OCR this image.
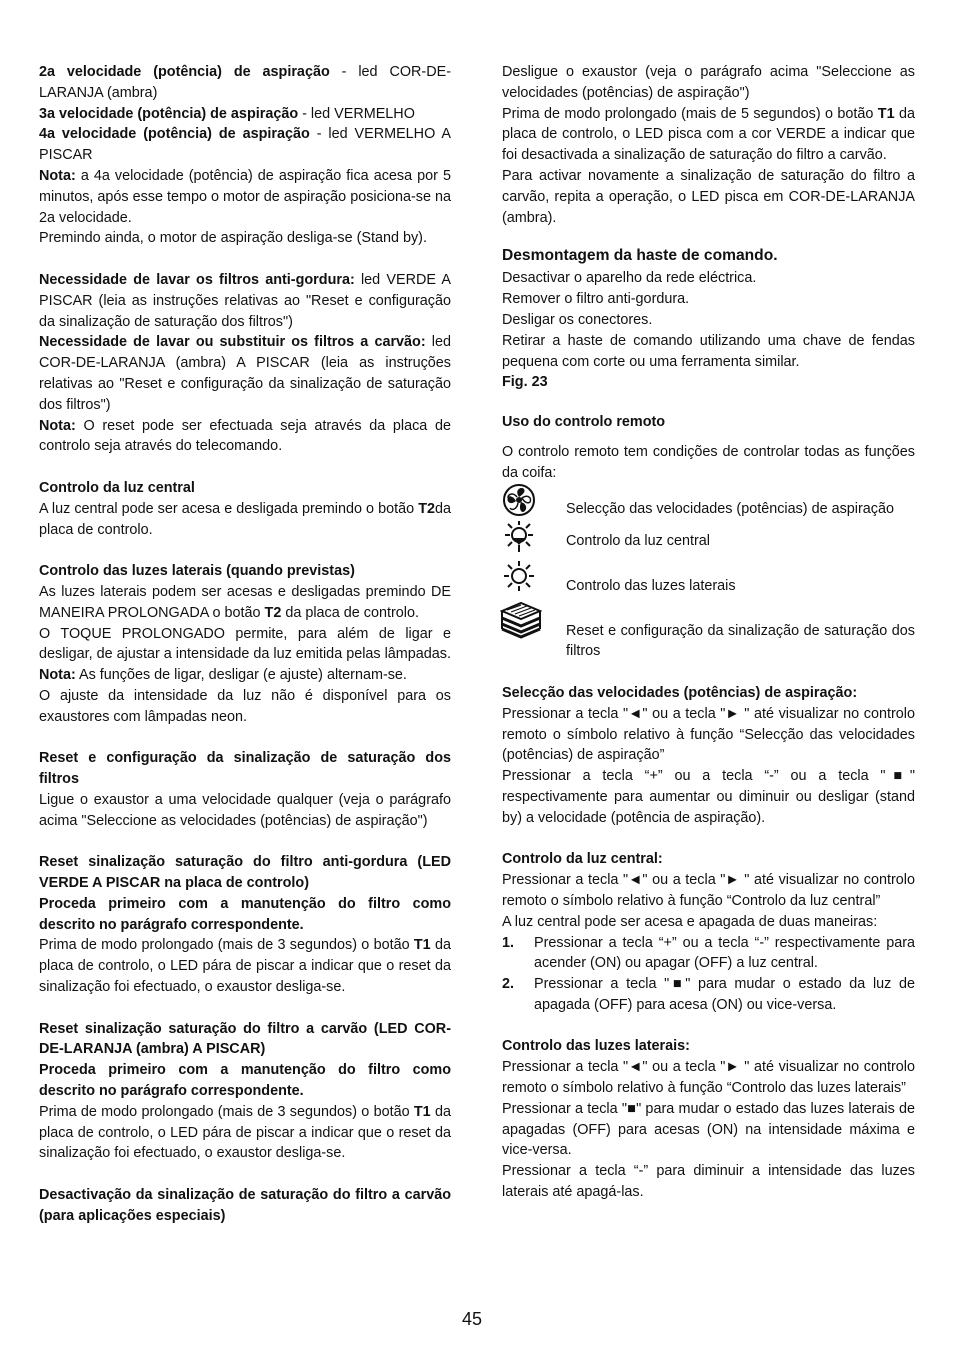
2a velocidade (potência) de aspiração - led COR-DE-LARANJA (ambra)

3a velocidade (potência) de aspiração - led VERMELHO

4a velocidade (potência) de aspiração - led VERMELHO A PISCAR

Nota: a 4a velocidade (potência) de aspiração fica acesa por 5 minutos, após esse tempo o motor de aspiração posiciona-se na 2a velocidade.

Premindo ainda, o motor de aspiração desliga-se (Stand by).

Necessidade de lavar os filtros anti-gordura: led VERDE A PISCAR (leia as instruções relativas ao "Reset e configuração da sinalização de saturação dos filtros")

Necessidade de lavar ou substituir os filtros a carvão: led COR-DE-LARANJA (ambra) A PISCAR (leia as instruções relativas ao "Reset e configuração da sinalização de saturação dos filtros")

Nota: O reset pode ser efectuada seja através da placa de controlo seja através do telecomando.

Controlo da luz central

A luz central pode ser acesa e desligada premindo o botão T2da placa de controlo.

Controlo das luzes laterais (quando previstas)

As luzes laterais podem ser acesas e desligadas premindo DE MANEIRA PROLONGADA o botão T2 da placa de controlo.

O TOQUE PROLONGADO permite, para além de ligar e desligar, de ajustar a intensidade da luz emitida pelas lâmpadas.

Nota: As funções de ligar, desligar (e ajuste) alternam-se.

O ajuste da intensidade da luz não é disponível para os exaustores com lâmpadas neon.

Reset e configuração da sinalização de saturação dos filtros

Ligue o exaustor a uma velocidade qualquer (veja o parágrafo acima "Seleccione as velocidades (potências) de aspiração")

Reset sinalização saturação do filtro anti-gordura (LED VERDE A PISCAR na placa de controlo)

Proceda primeiro com a manutenção do filtro como descrito no parágrafo correspondente.

Prima de modo prolongado (mais de 3 segundos) o botão T1 da placa de controlo, o LED pára de piscar a indicar que o reset da sinalização foi efectuado, o exaustor desliga-se.

Reset sinalização saturação do filtro a carvão (LED COR-DE-LARANJA (ambra) A PISCAR)

Proceda primeiro com a manutenção do filtro como descrito no parágrafo correspondente.

Prima de modo prolongado (mais de 3 segundos) o botão T1 da placa de controlo, o LED pára de piscar a indicar que o reset da sinalização foi efectuado, o exaustor desliga-se.

Desactivação da sinalização de saturação do filtro a carvão (para aplicações especiais)

Desligue o exaustor (veja o parágrafo acima "Seleccione as velocidades (potências) de aspiração")

Prima de modo prolongado (mais de 5 segundos) o botão T1 da placa de controlo, o LED pisca com a cor VERDE a indicar que foi desactivada a sinalização de saturação do filtro a carvão.

Para activar novamente a sinalização de saturação do filtro a carvão, repita a operação, o LED pisca em COR-DE-LARANJA (ambra).

Desmontagem da haste de comando.

Desactivar o aparelho da rede eléctrica.

Remover o filtro anti-gordura.

Desligar os conectores.

Retirar a haste de comando utilizando uma chave de fendas pequena com corte ou uma ferramenta similar.

Fig. 23

Uso do controlo remoto

O controlo remoto tem condições de controlar todas as funções da coifa:

Selecção das velocidades (potências) de aspiração

Controlo da luz central

Controlo das luzes laterais

Reset e configuração da sinalização de saturação dos filtros

Selecção das velocidades (potências) de aspiração:

Pressionar a tecla "◄" ou a tecla "► " até visualizar no controlo remoto o símbolo relativo à função “Selecção das velocidades (potências) de aspiração”

Pressionar a tecla “+” ou a tecla “-” ou a tecla "■" respectivamente para aumentar ou diminuir ou desligar (stand by) a velocidade (potência de aspiração).

Controlo da luz central:

Pressionar a tecla "◄" ou a tecla "► " até visualizar no controlo remoto o símbolo relativo à função “Controlo da luz central”

A luz central pode ser acesa e apagada de duas maneiras:

1.	Pressionar a tecla “+” ou a tecla “-” respectivamente para acender (ON) ou apagar (OFF) a luz central.
2.	Pressionar a tecla "■" para mudar o estado da luz de apagada (OFF) para acesa (ON) ou vice-versa.

Controlo das luzes laterais:

Pressionar a tecla "◄" ou a tecla "► " até visualizar no controlo remoto o símbolo relativo à função “Controlo das luzes laterais”

Pressionar a tecla "■" para mudar o estado das luzes laterais de apagadas (OFF) para acesas (ON) na intensidade máxima e vice-versa.

Pressionar a tecla “-” para diminuir a intensidade das luzes laterais até apagá-las.

45
